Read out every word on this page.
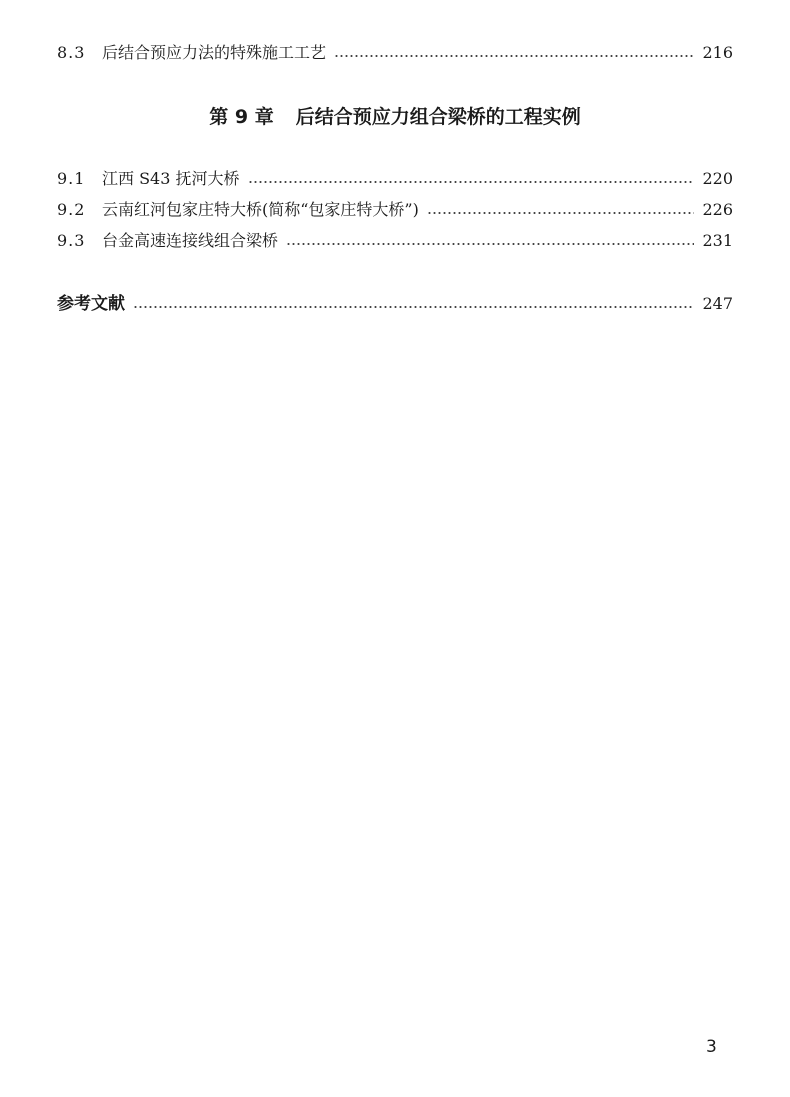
8.3	后结合预应力法的特殊施工工艺	216
第 9 章 后结合预应力组合梁桥的工程实例
9.1	江西 S43 抚河大桥	220
9.2	云南红河包家庄特大桥(简称“包家庄特大桥”)	226
9.3	台金高速连接线组合梁桥	231
参考文献	247
3
